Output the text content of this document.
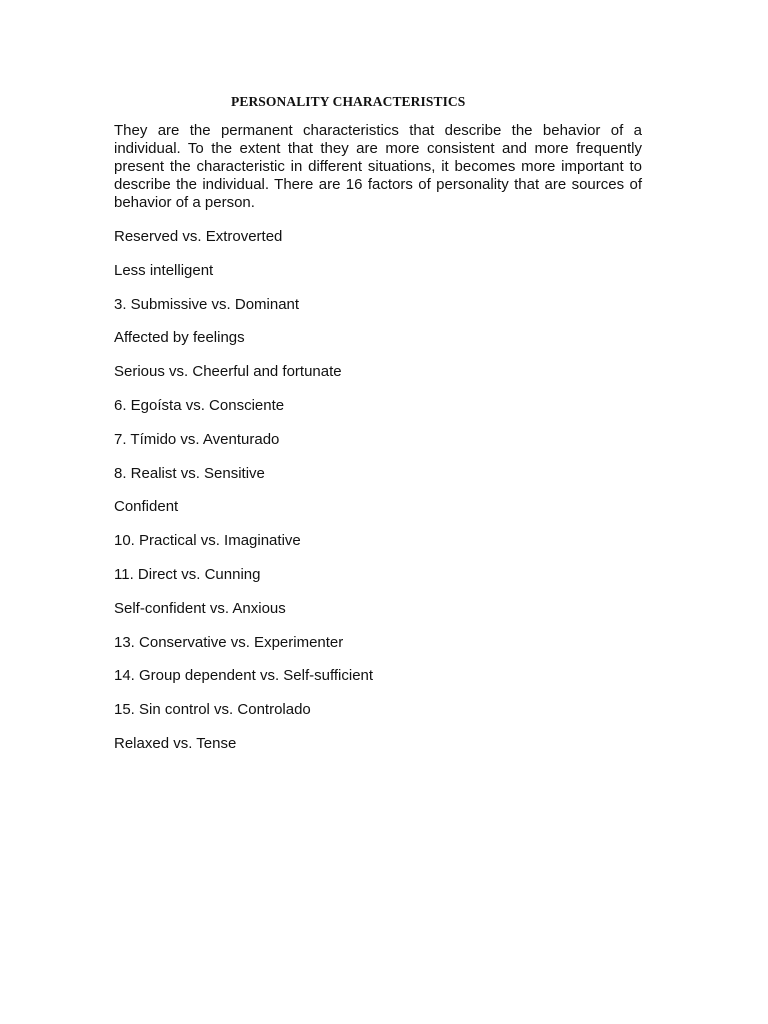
PERSONALITY CHARACTERISTICS

They are the permanent characteristics that describe the behavior of a individual. To the extent that they are more consistent and more frequently present the characteristic in different situations, it becomes more important to describe the individual. There are 16 factors of personality that are sources of behavior of a person.

Reserved vs. Extroverted
Less intelligent
3. Submissive vs. Dominant
Affected by feelings
Serious vs. Cheerful and fortunate
6. Egoísta vs. Consciente
7. Tímido vs. Aventurado
8. Realist vs. Sensitive
Confident
10. Practical vs. Imaginative
11. Direct vs. Cunning
Self-confident vs. Anxious
13. Conservative vs. Experimenter
14. Group dependent vs. Self-sufficient
15. Sin control vs. Controlado
Relaxed vs. Tense
